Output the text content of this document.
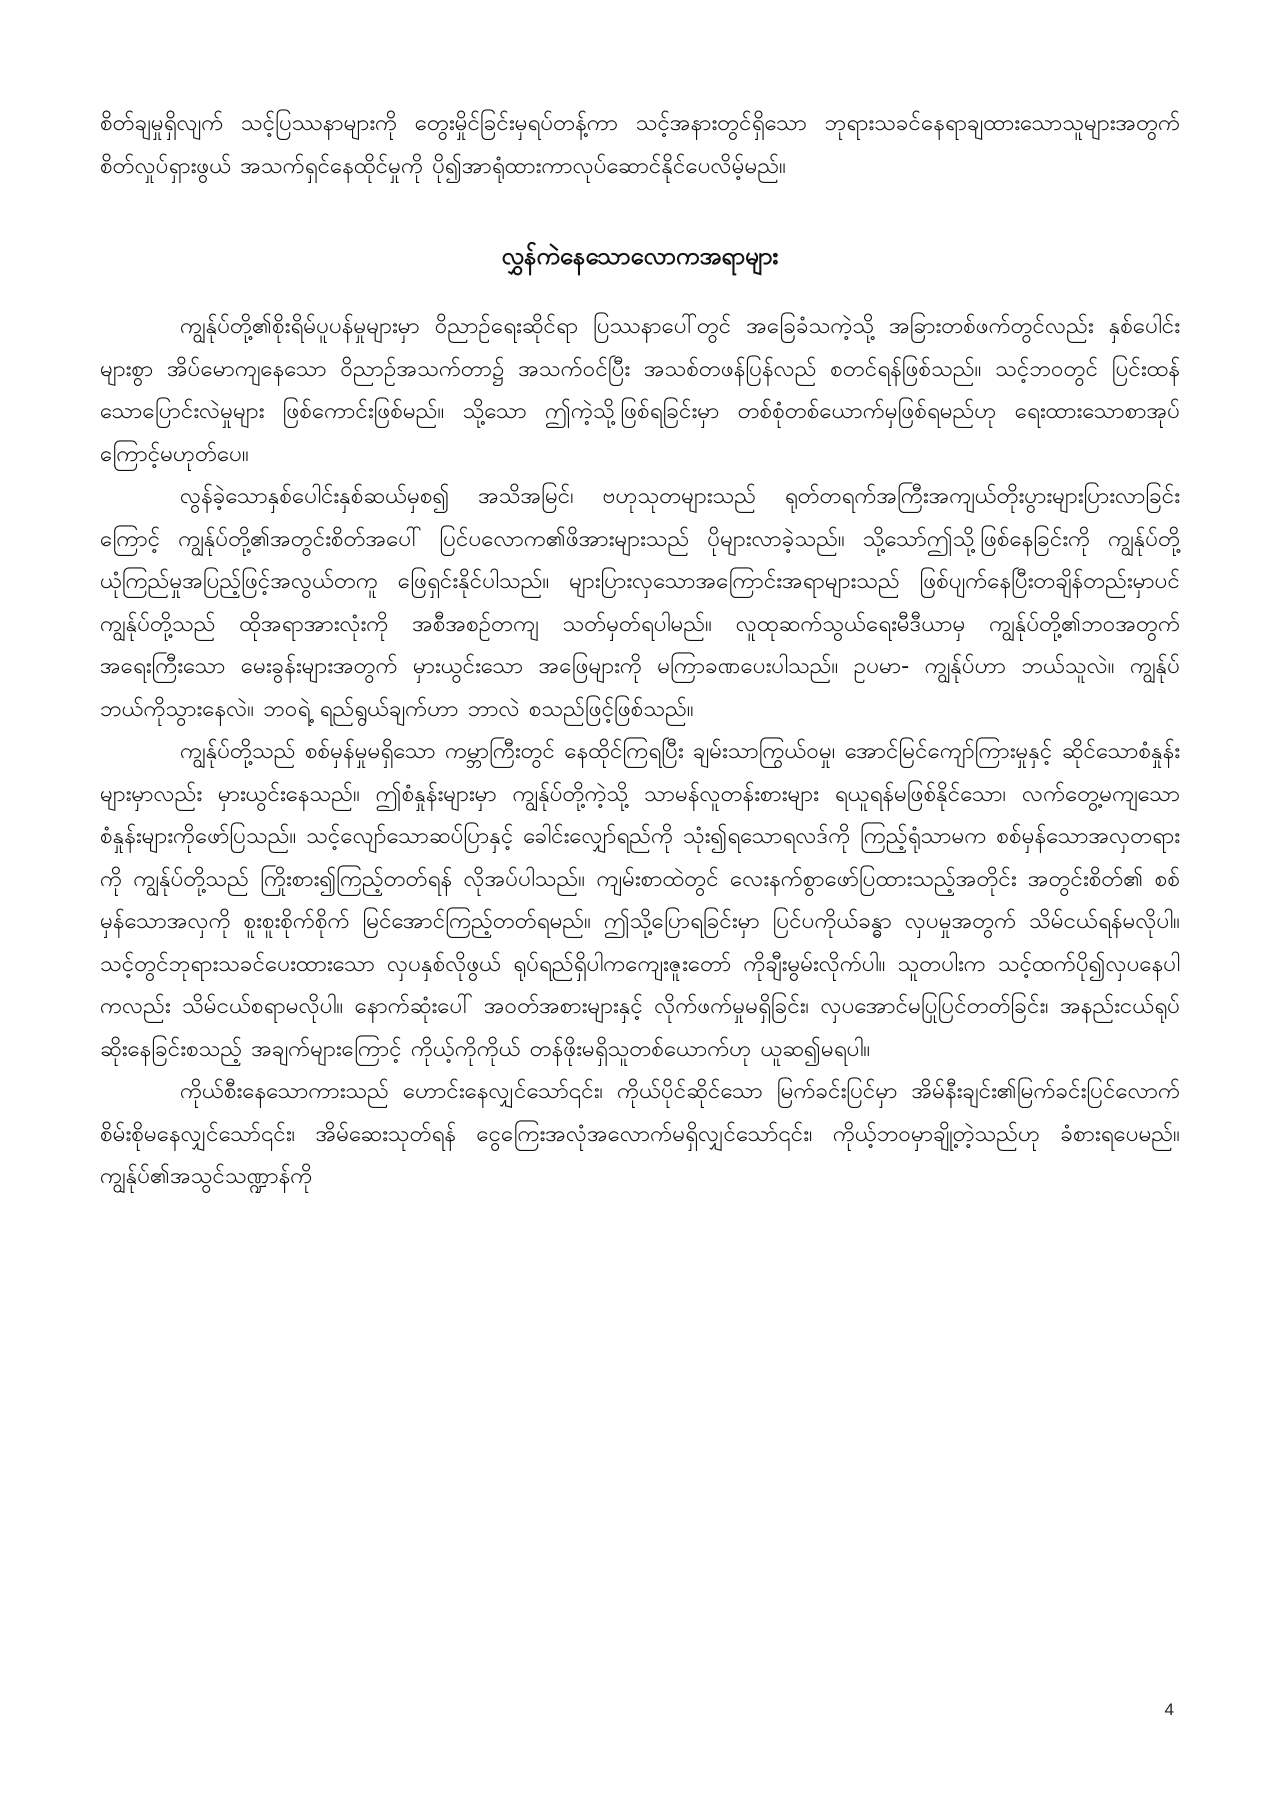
စိတ်ချမှုရှိလျက် သင့်ပြဿနာများကို တွေးမှိုင်ခြင်းမှရပ်တန့်ကာ သင့်အနားတွင်ရှိသော ဘုရားသခင်နေရာချထားသောသူများအတွက် စိတ်လှုပ်ရှားဖွယ် အသက်ရှင်နေထိုင်မှုကို ပို၍အာရုံထားကာလုပ်ဆောင်နိုင်ပေလိမ့်မည်။

လွှန်ကဲနေသောလောကအရာများ

ကျွန်ုပ်တို့၏စိုးရိမ်ပူပန်မှုများမှာ ဝိညာဉ်ရေးဆိုင်ရာ ပြဿနာပေါ်တွင် အခြေခံသကဲ့သို့ အခြားတစ်ဖက်တွင်လည်း နှစ်ပေါင်းများစွာ အိပ်မောကျနေသော ဝိညာဉ်အသက်တာ၌ အသက်ဝင်ပြီး အသစ်တဖန်ပြန်လည် စတင်ရန်ဖြစ်သည်။ သင့်ဘဝတွင် ပြင်းထန်သောပြောင်းလဲမှုများ ဖြစ်ကောင်းဖြစ်မည်။ သို့သော ဤကဲ့သို့ဖြစ်ရခြင်းမှာ တစ်စုံတစ်ယောက်မှဖြစ်ရမည်ဟု ရေးထားသောစာအုပ်ကြောင့်မဟုတ်ပေ။

လွန်ခဲ့သောနှစ်ပေါင်းနှစ်ဆယ်မှစ၍ အသိအမြင်၊ ဗဟုသုတများသည် ရုတ်တရက်အကြီးအကျယ်တိုးပွားများပြားလာခြင်းကြောင့် ကျွန်ုပ်တို့၏အတွင်းစိတ်အပေါ် ပြင်ပလောက၏ဖိအားများသည် ပိုများလာခဲ့သည်။ သို့သော်ဤသို့ဖြစ်နေခြင်းကို ကျွန်ုပ်တို့ယုံကြည်မှုအပြည့်ဖြင့်အလွယ်တကူ ဖြေရှင်းနိုင်ပါသည်။ များပြားလှသောအကြောင်းအရာများသည် ဖြစ်ပျက်နေပြီးတချိန်တည်းမှာပင် ကျွန်ုပ်တို့သည် ထိုအရာအားလုံးကို အစီအစဉ်တကျ သတ်မှတ်ရပါမည်။ လူထုဆက်သွယ်ရေးမီဒီယာမှ ကျွန်ုပ်တို့၏ဘဝအတွက် အရေးကြီးသော မေးခွန်းများအတွက် မှားယွင်းသော အဖြေများကို မကြာခဏပေးပါသည်။ ဥပမာ- ကျွန်ုပ်ဟာ ဘယ်သူလဲ။ ကျွန်ုပ်ဘယ်ကိုသွားနေလဲ။ ဘဝရဲ့ ရည်ရွယ်ချက်ဟာ ဘာလဲ စသည်ဖြင့်ဖြစ်သည်။

ကျွန်ုပ်တို့သည် စစ်မှန်မှုမရှိသော ကမ္ဘာကြီးတွင် နေထိုင်ကြရပြီး ချမ်းသာကြွယ်ဝမှု၊ အောင်မြင်ကျော်ကြားမှုနှင့် ဆိုင်သောစံနှုန်းများမှာလည်း မှားယွင်းနေသည်။ ဤစံနှုန်းများမှာ ကျွန်ုပ်တို့ကဲ့သို့ သာမန်လူတန်းစားများ ရယူရန်မဖြစ်နိုင်သော၊ လက်တွေ့မကျသော စံနှုန်းများကိုဖော်ပြသည်။ သင့်လျော်သောဆပ်ပြာနှင့် ခေါင်းလျှော်ရည်ကို သုံး၍ရသောရလဒ်ကို ကြည့်ရုံသာမက စစ်မှန်သောအလှတရားကို ကျွန်ုပ်တို့သည် ကြိုးစား၍ကြည့်တတ်ရန် လိုအပ်ပါသည်။ ကျမ်းစာထဲတွင် လေးနက်စွာဖော်ပြထားသည့်အတိုင်း အတွင်းစိတ်၏ စစ်မှန်သောအလှကို စူးစူးစိုက်စိုက် မြင်အောင်ကြည့်တတ်ရမည်။ ဤသို့ပြောရခြင်းမှာ ပြင်ပကိုယ်ခန္ဓာ လှပမှုအတွက် သိမ်ငယ်ရန်မလိုပါ။ သင့်တွင်ဘုရားသခင်ပေးထားသော လှပနှစ်လိုဖွယ် ရုပ်ရည်ရှိပါကကျေးဇူးတော် ကိုချီးမွမ်းလိုက်ပါ။ သူတပါးက သင့်ထက်ပို၍လှပနေပါကလည်း သိမ်ငယ်စရာမလိုပါ။ နောက်ဆုံးပေါ် အဝတ်အစားများနှင့် လိုက်ဖက်မှုမရှိခြင်း၊ လှပအောင်မပြုပြင်တတ်ခြင်း၊ အနည်းငယ်ရုပ်ဆိုးနေခြင်းစသည့် အချက်များကြောင့် ကိုယ့်ကိုကိုယ် တန်ဖိုးမရှိသူတစ်ယောက်ဟု ယူဆ၍မရပါ။

ကိုယ်စီးနေသောကားသည် ဟောင်းနေလျှင်သော်၎င်း၊ ကိုယ်ပိုင်ဆိုင်သော မြက်ခင်းပြင်မှာ အိမ်နီးချင်း၏မြက်ခင်းပြင်လောက် စိမ်းစိုမနေလျှင်သော်၎င်း၊ အိမ်ဆေးသုတ်ရန် ငွေကြေးအလုံအလောက်မရှိလျှင်သော်၎င်း၊ ကိုယ့်ဘဝမှာချို့တဲ့သည်ဟု ခံစားရပေမည်။ ကျွန်ုပ်၏အသွင်သဏ္ဍာန်ကို

4
